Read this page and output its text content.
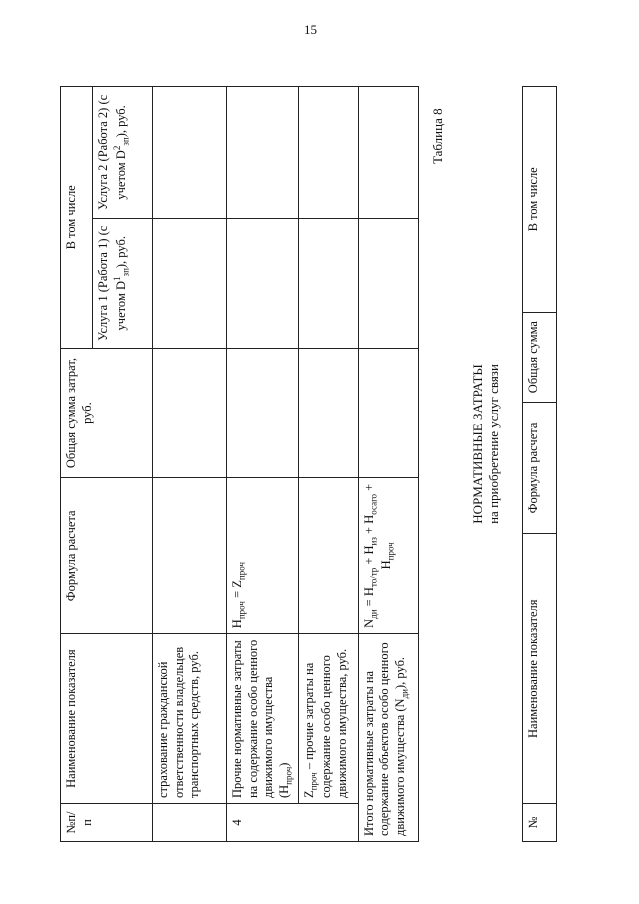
15
№п/п	Наименование показателя	Формула расчета	Общая сумма затрат, руб.	В том числе	
				Услуга 1 (Работа 1) (с учетом $D^1_{зп}$), руб.	Услуга 2 (Работа 2) (с учетом $D^2_{зп}$), руб.
	страхование гражданской ответственности владельцев транспортных средств, руб.				
4	Прочие нормативные затраты на содержание особо ценного движимого имущества $(Н_{проч})$	$Н_{проч} = Z_{проч}$			
	$Z_{проч}$ – прочие затраты на содержание особо ценного движимого имущества, руб.				
Итого нормативные затраты на содержание объектов особо ценного движимого имущества $(N_{ди})$, руб.		$N_{ди} = Н_{то/тр} + Н_{из} + Н_{осаго} + Н_{проч}$			
Таблица 8
НОРМАТИВНЫЕ ЗАТРАТЫ на приобретение услуг связи
№	Наименование показателя	Формула расчета	Общая сумма	В том числе
